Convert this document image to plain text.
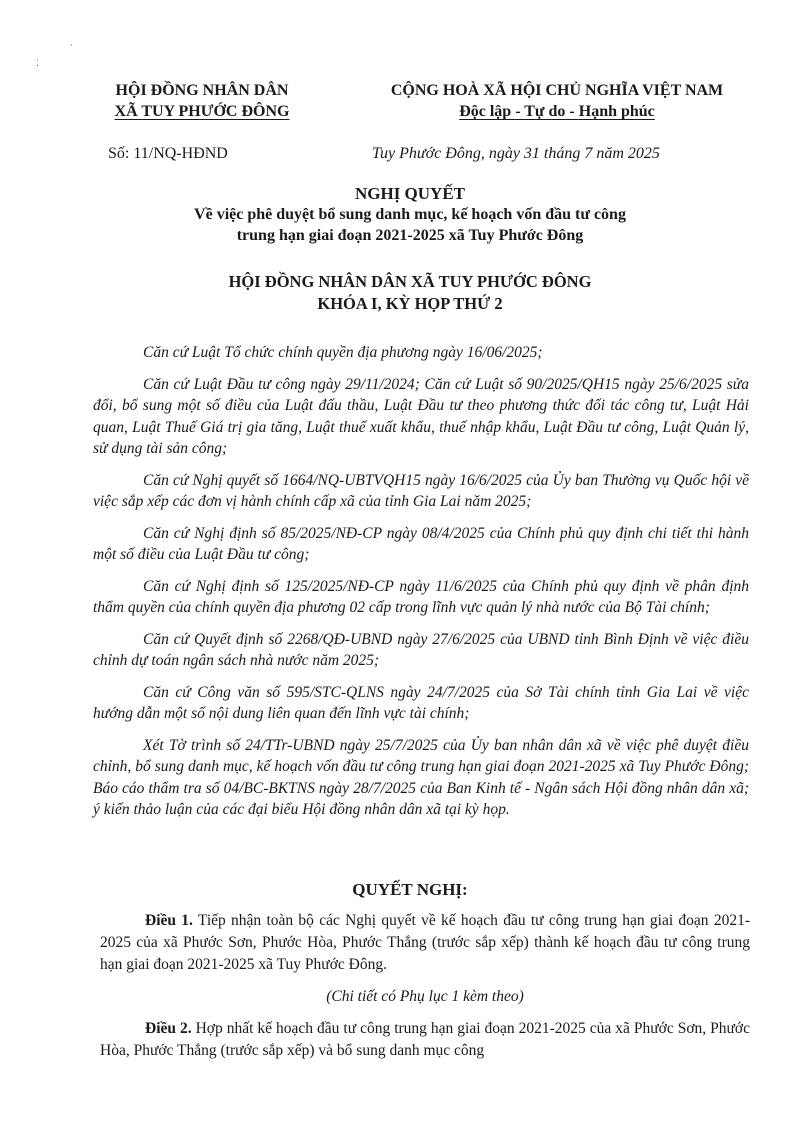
⁚
·
HỘI ĐỒNG NHÂN DÂN
XÃ TUY PHƯỚC ĐÔNG
CỘNG HOÀ XÃ HỘI CHỦ NGHĨA VIỆT NAM
Độc lập - Tự do - Hạnh phúc
Số: 11/NQ-HĐND	Tuy Phước Đông, ngày 31 tháng 7 năm 2025
NGHỊ QUYẾT
Về việc phê duyệt bổ sung danh mục, kế hoạch vốn đầu tư công
trung hạn giai đoạn 2021-2025 xã Tuy Phước Đông
HỘI ĐỒNG NHÂN DÂN XÃ TUY PHƯỚC ĐÔNG
KHÓA I, KỲ HỌP THỨ 2

Căn cứ Luật Tổ chức chính quyền địa phương ngày 16/06/2025;

Căn cứ Luật Đầu tư công ngày 29/11/2024; Căn cứ Luật số 90/2025/QH15 ngày 25/6/2025 sửa đổi, bổ sung một số điều của Luật đấu thầu, Luật Đầu tư theo phương thức đối tác công tư, Luật Hải quan, Luật Thuế Giá trị gia tăng, Luật thuế xuất khẩu, thuế nhập khẩu, Luật Đầu tư công, Luật Quản lý, sử dụng tài sản công;

Căn cứ Nghị quyết số 1664/NQ-UBTVQH15 ngày 16/6/2025 của Ủy ban Thường vụ Quốc hội về việc sắp xếp các đơn vị hành chính cấp xã của tỉnh Gia Lai năm 2025;

Căn cứ Nghị định số 85/2025/NĐ-CP ngày 08/4/2025 của Chính phủ quy định chi tiết thi hành một số điều của Luật Đầu tư công;

Căn cứ Nghị định số 125/2025/NĐ-CP ngày 11/6/2025 của Chính phủ quy định về phân định thẩm quyền của chính quyền địa phương 02 cấp trong lĩnh vực quản lý nhà nước của Bộ Tài chính;

Căn cứ Quyết định số 2268/QĐ-UBND ngày 27/6/2025 của UBND tỉnh Bình Định về việc điều chỉnh dự toán ngân sách nhà nước năm 2025;

Căn cứ Công văn số 595/STC-QLNS ngày 24/7/2025 của Sở Tài chính tỉnh Gia Lai về việc hướng dẫn một số nội dung liên quan đến lĩnh vực tài chính;

Xét Tờ trình số 24/TTr-UBND ngày 25/7/2025 của Ủy ban nhân dân xã về việc phê duyệt điều chỉnh, bổ sung danh mục, kế hoạch vốn đầu tư công trung hạn giai đoạn 2021-2025 xã Tuy Phước Đông; Báo cáo thẩm tra số 04/BC-BKTNS ngày 28/7/2025 của Ban Kinh tế - Ngân sách Hội đồng nhân dân xã; ý kiến thảo luận của các đại biểu Hội đồng nhân dân xã tại kỳ họp.

QUYẾT NGHỊ:

Điều 1. Tiếp nhận toàn bộ các Nghị quyết về kế hoạch đầu tư công trung hạn giai đoạn 2021-2025 của xã Phước Sơn, Phước Hòa, Phước Thắng (trước sắp xếp) thành kế hoạch đầu tư công trung hạn giai đoạn 2021-2025 xã Tuy Phước Đông.

(Chi tiết có Phụ lục 1 kèm theo)

Điều 2. Hợp nhất kế hoạch đầu tư công trung hạn giai đoạn 2021-2025 của xã Phước Sơn, Phước Hòa, Phước Thắng (trước sắp xếp) và bổ sung danh mục công
